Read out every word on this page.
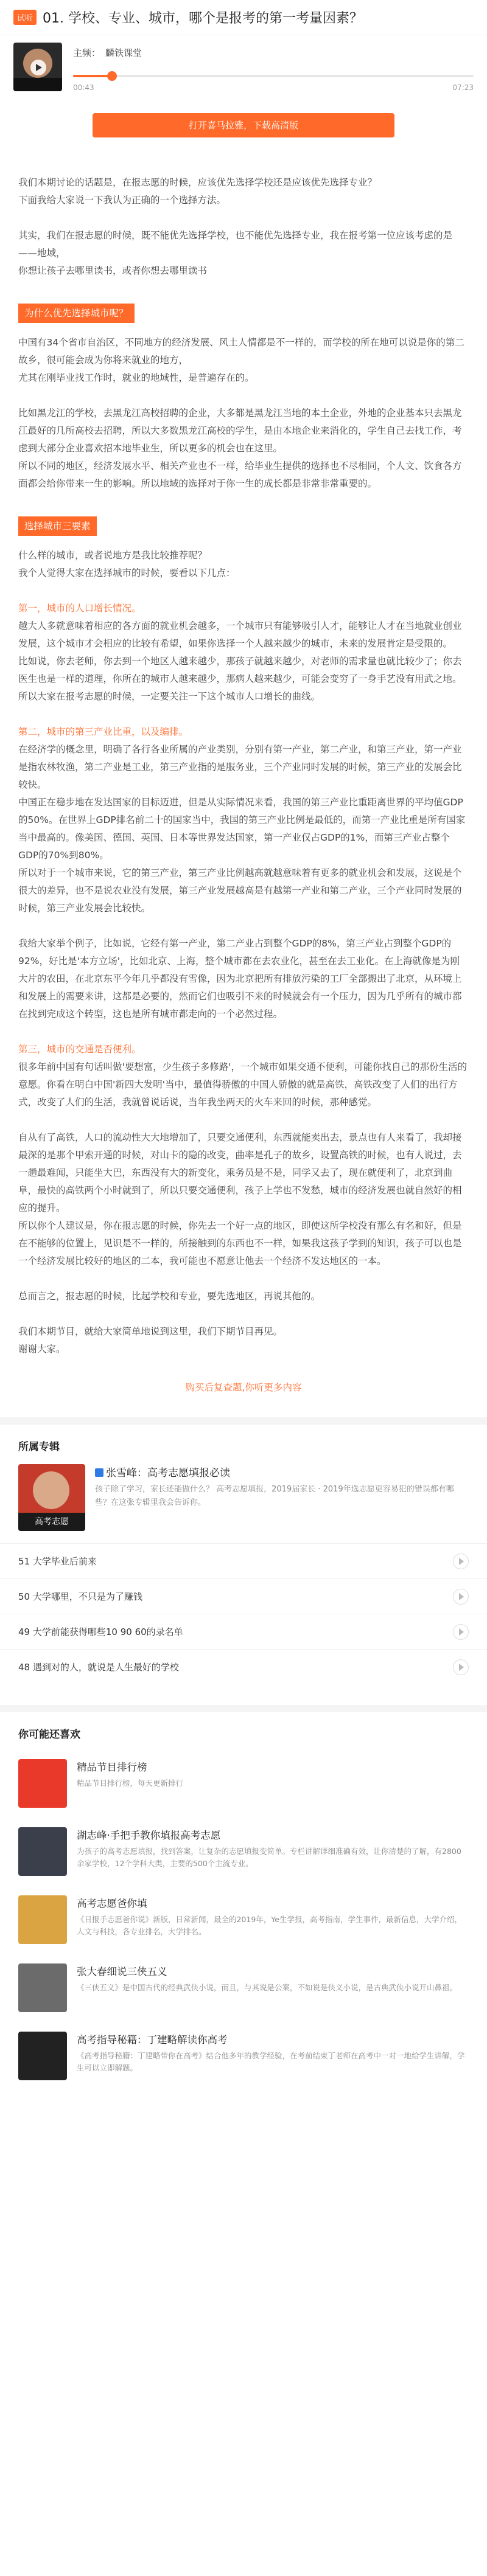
试听 01. 学校、专业、城市，哪个是报考的第一考量因素？
主频： 麟铁课堂
00:43	07:23
打开喜马拉雅，下载高清版

我们本期讨论的话题是，在报志愿的时候，应该优先选择学校还是应该优先选择专业？

下面我给大家说一下我认为正确的一个选择方法。

其实，我们在报志愿的时候，既不能优先选择学校，也不能优先选择专业，我在报考第一位应该考虑的是——地域，

你想让孩子去哪里读书，或者你想去哪里读书

为什么优先选择城市呢？

中国有34个省市自治区，不同地方的经济发展、风土人情都是不一样的，而学校的所在地可以说是你的第二故乡，很可能会成为你将来就业的地方，

尤其在刚毕业找工作时，就业的地域性，是普遍存在的。

比如黑龙江的学校，去黑龙江高校招聘的企业，大多都是黑龙江当地的本土企业，外地的企业基本只去黑龙江最好的几所高校去招聘，所以大多数黑龙江高校的学生，是由本地企业来消化的，学生自己去找工作，考虑到大部分企业喜欢招本地毕业生，所以更多的机会也在这里。

所以不同的地区，经济发展水平、相关产业也不一样，给毕业生提供的选择也不尽相同，个人文、饮食各方面都会给你带来一生的影响。所以地域的选择对于你一生的成长都是非常非常重要的。

选择城市三要素

什么样的城市，或者说地方是我比较推荐呢？

我个人觉得大家在选择城市的时候，要看以下几点：

第一，城市的人口增长情况。

越大人多就意味着相应的各方面的就业机会越多，一个城市只有能够吸引人才，能够让人才在当地就业创业发展，这个城市才会相应的比较有希望，如果你选择一个人越来越少的城市，未来的发展肯定是受限的。

比如说，你去老师，你去到一个地区人越来越少，那孩子就越来越少，对老师的需求量也就比较少了；你去医生也是一样的道理，你所在的城市人越来越少，那病人越来越少，可能会变穷了一身手艺没有用武之地。

所以大家在报考志愿的时候，一定要关注一下这个城市人口增长的曲线。

第二，城市的第三产业比重，以及编排。

在经济学的概念里，明确了各行各业所属的产业类别，分别有第一产业，第二产业，和第三产业，第一产业是指农林牧渔，第二产业是工业，第三产业指的是服务业，三个产业同时发展的时候，第三产业的发展会比较快。

中国正在稳步地在发达国家的目标迈进，但是从实际情况来看，我国的第三产业比重距离世界的平均值GDP的50%。在世界上GDP排名前二十的国家当中，我国的第三产业比例是最低的，而第一产业比重是所有国家当中最高的。像美国、德国、英国、日本等世界发达国家，第一产业仅占GDP的1%，而第三产业占整个GDP的70%到80%。

所以对于一个城市来说，它的第三产业，第三产业比例越高就越意味着有更多的就业机会和发展，这说是个很大的差异，也不是说农业没有发展，第三产业发展越高是有越第一产业和第二产业，三个产业同时发展的时候，第三产业发展会比较快。

我给大家举个例子，比如说，它经有第一产业，第二产业占到整个GDP的8%，第三产业占到整个GDP的92%，好比是'本方立场'，比如北京、上海，整个城市都在去农业化，甚至在去工业化。在上海就像是为刚大片的农田，在北京东平今年几乎都没有雪像，因为北京把所有排放污染的工厂全部搬出了北京，从环境上和发展上的需要来讲，这都是必要的，然而它们也吸引不来的时候就会有一个压力，因为几乎所有的城市都在找到完成这个转型，这也是所有城市都走向的一个必然过程。

第三，城市的交通是否便利。

很多年前中国有句话叫做'要想富，少生孩子多修路'，一个城市如果交通不便利，可能你找自己的那份生活的意愿。你看在明白中国'新四大发明'当中，最值得骄傲的中国人骄傲的就是高铁，高铁改变了人们的出行方式，改变了人们的生活，我就曾说话说，当年我坐两天的火车来回的时候，那种感觉。

自从有了高铁，人口的流动性大大地增加了，只要交通便利，东西就能卖出去，景点也有人来看了，我却接最深的是那个甲索开通的时候，对山卡的隐的改变，曲率是孔子的故乡，设置高铁的时候，也有人说过，去一趟最难闻，只能坐大巴，东西没有大的新变化，乘务员是不是，同学又去了，现在就便利了，北京到曲阜，最快的高铁两个小时就到了，所以只要交通便利，孩子上学也不发愁，城市的经济发展也就自然好的相应的提升。

所以你个人建议是，你在报志愿的时候，你先去一个好一点的地区，即使这所学校没有那么有名和好，但是在不能够的位置上，见识是不一样的，所接触到的东西也不一样，如果我这孩子学到的知识，孩子可以也是一个经济发展比较好的地区的二本，我可能也不愿意让他去一个经济不发达地区的一本。

总而言之，报志愿的时候，比起学校和专业，要先选地区，再说其他的。

我们本期节目，就给大家简单地说到这里，我们下期节目再见。

谢谢大家。

购买后复查题,你听更多内容
所属专辑
高考志愿
张雪峰：高考志愿填报必读
孩子除了学习，家长还能做什么？ 高考志愿填报，2019届家长 · 2019年选志愿更容易犯的错误都有哪些？在这张专辑里我会告诉你。
51 大学毕业后前来
50 大学哪里，不只是为了赚钱
49 大学前能获得哪些10 90 60的录名单
48 遇到对的人，就说是人生最好的学校
你可能还喜欢
精品节目排行榜
精品节目排行榜，每天更新排行
湖志峰·手把手教你填报高考志愿
为孩子的高考志愿填报，找到答案，让复杂的志愿填报变简单。专栏讲解详细准确有效，让你清楚的了解，有2800余家学校，12个学科大类，主要的500个主流专业。
高考志愿爸你填
《日报手志愿爸你说》新版，日常新闻，最全的2019年，Ye生学报，高考指南，学生事件，最新信息，大学介绍，人文与科技，各专业排名，大学排名。
张大春细说三侠五义
《三侠五义》是中国古代的经典武侠小说，而且，与其说是公案，不如说是侠义小说，是古典武侠小说开山鼻祖。
高考指导秘籍：丁建略解读你高考
《高考指导秘籍：丁建略带你在高考》结合他多年的教学经验，在考前结束丁老师在高考中一对一地给学生讲解，学生可以立即解题。
